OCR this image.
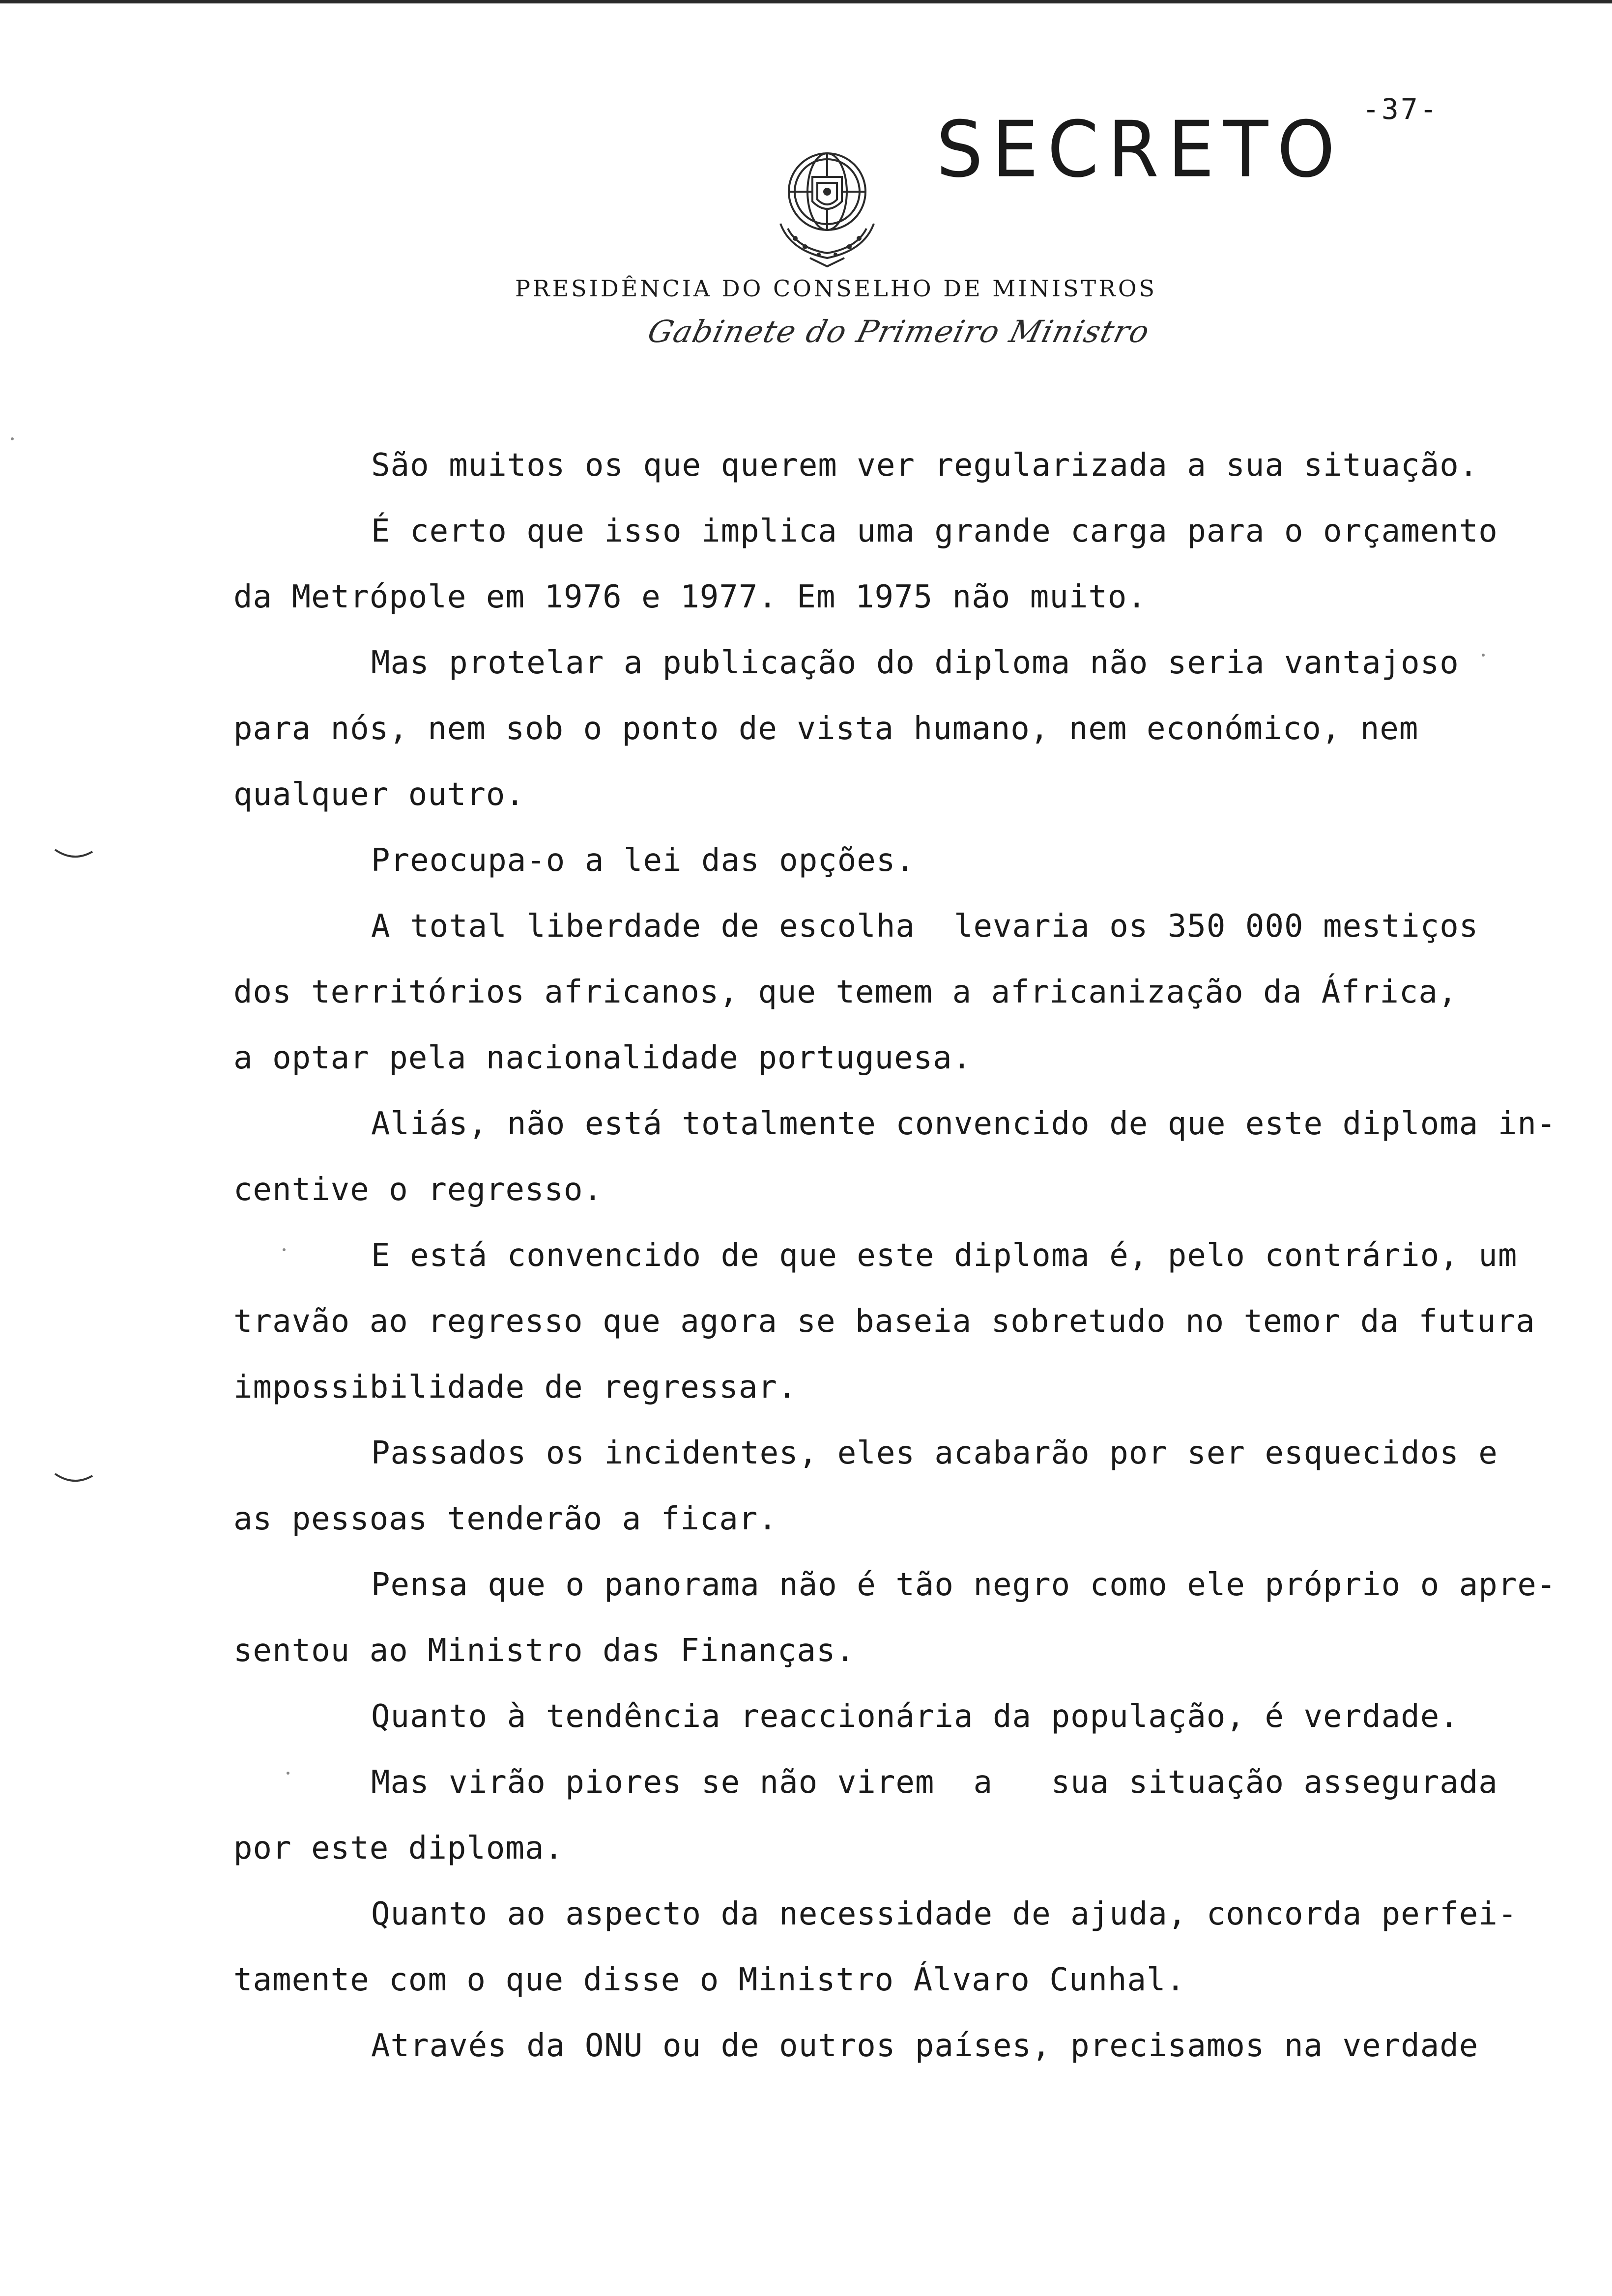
-37-
SECRETO
PRESIDÊNCIA DO CONSELHO DE MINISTROS
Gabinete do Primeiro Ministro
São muitos os que querem ver regularizada a sua situação.
É certo que isso implica uma grande carga para o orçamento
da Metrópole em 1976 e 1977. Em 1975 não muito.
Mas protelar a publicação do diploma não seria vantajoso
para nós, nem sob o ponto de vista humano, nem económico, nem
qualquer outro.
Preocupa-o a lei das opções.
A total liberdade de escolha  levaria os 350 000 mestiços
dos territórios africanos, que temem a africanização da África,
a optar pela nacionalidade portuguesa.
Aliás, não está totalmente convencido de que este diploma in-
centive o regresso.
E está convencido de que este diploma é, pelo contrário, um
travão ao regresso que agora se baseia sobretudo no temor da futura
impossibilidade de regressar.
Passados os incidentes, eles acabarão por ser esquecidos e
as pessoas tenderão a ficar.
Pensa que o panorama não é tão negro como ele próprio o apre-
sentou ao Ministro das Finanças.
Quanto à tendência reaccionária da população, é verdade.
Mas virão piores se não virem  a   sua situação assegurada
por este diploma.
Quanto ao aspecto da necessidade de ajuda, concorda perfei-
tamente com o que disse o Ministro Álvaro Cunhal.
Através da ONU ou de outros países, precisamos na verdade
